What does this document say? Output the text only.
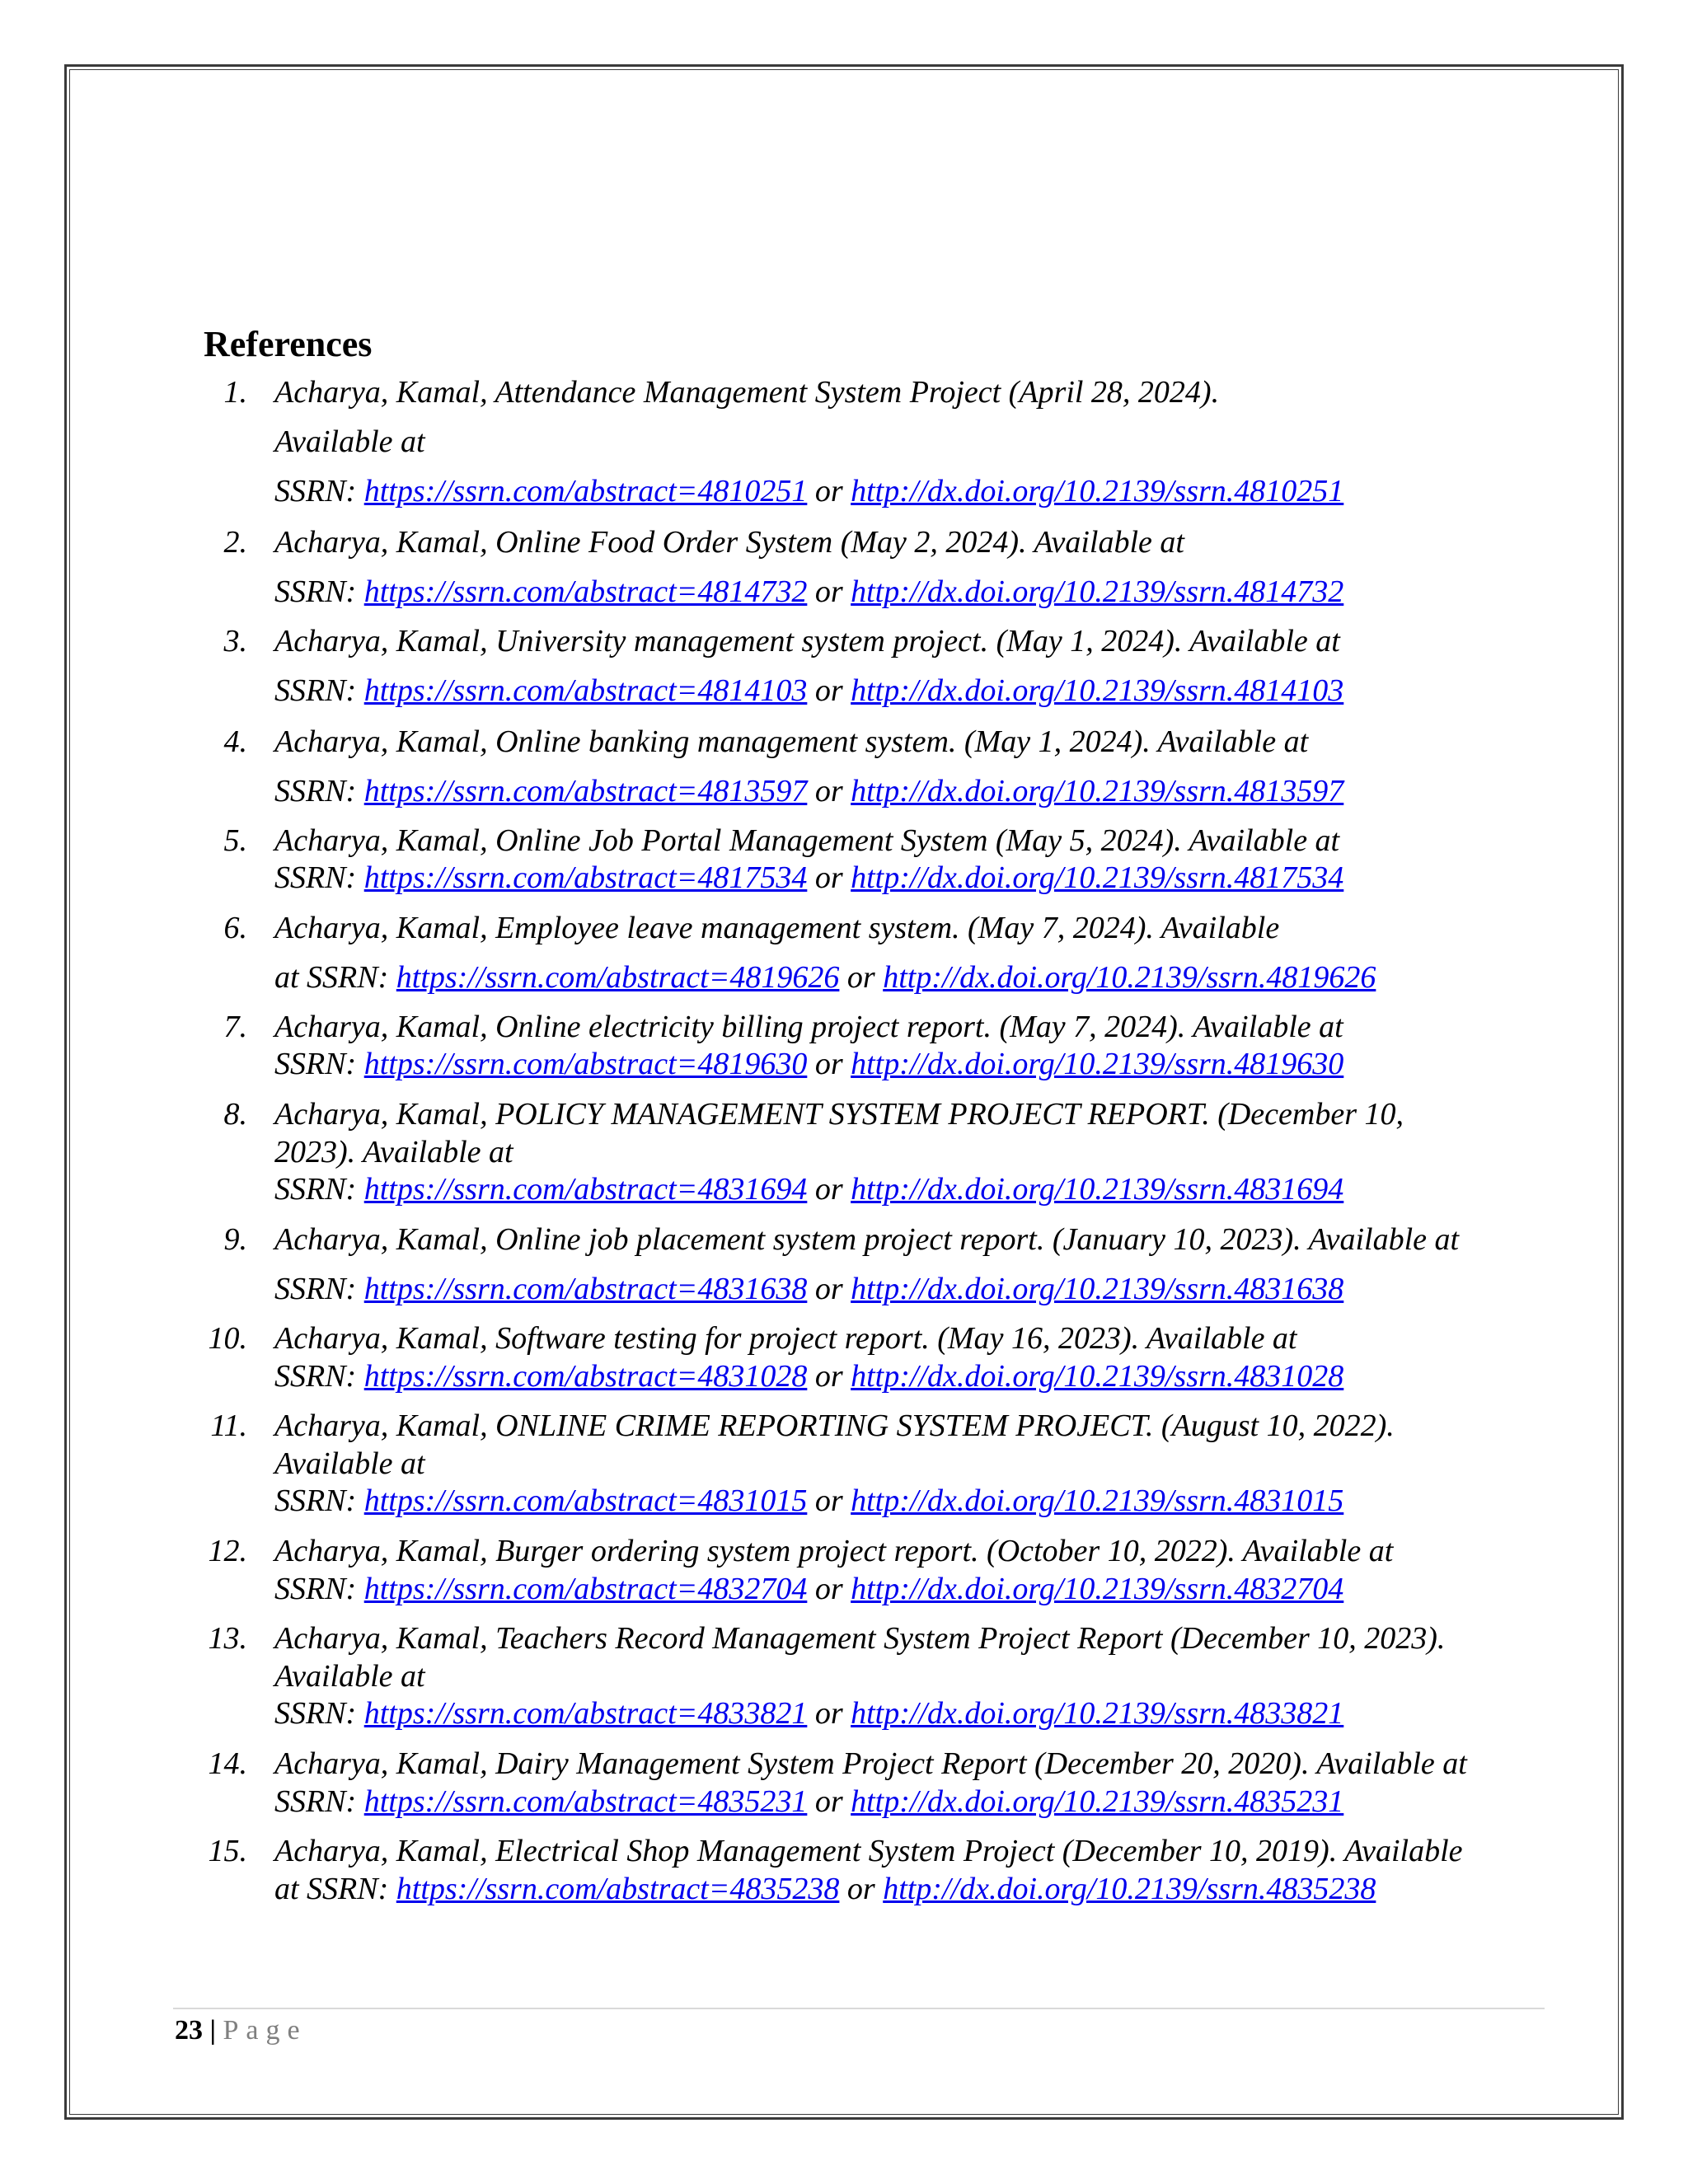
References
1. Acharya, Kamal, Attendance Management System Project (April 28, 2024).
Available at
SSRN: https://ssrn.com/abstract=4810251 or http://dx.doi.org/10.2139/ssrn.4810251
2. Acharya, Kamal, Online Food Order System (May 2, 2024). Available at
SSRN: https://ssrn.com/abstract=4814732 or http://dx.doi.org/10.2139/ssrn.4814732
3. Acharya, Kamal, University management system project. (May 1, 2024). Available at
SSRN: https://ssrn.com/abstract=4814103 or http://dx.doi.org/10.2139/ssrn.4814103
4. Acharya, Kamal, Online banking management system. (May 1, 2024). Available at
SSRN: https://ssrn.com/abstract=4813597 or http://dx.doi.org/10.2139/ssrn.4813597
5. Acharya, Kamal, Online Job Portal Management System (May 5, 2024). Available at
SSRN: https://ssrn.com/abstract=4817534 or http://dx.doi.org/10.2139/ssrn.4817534
6. Acharya, Kamal, Employee leave management system. (May 7, 2024). Available
at SSRN: https://ssrn.com/abstract=4819626 or http://dx.doi.org/10.2139/ssrn.4819626
7. Acharya, Kamal, Online electricity billing project report. (May 7, 2024). Available at
SSRN: https://ssrn.com/abstract=4819630 or http://dx.doi.org/10.2139/ssrn.4819630
8. Acharya, Kamal, POLICY MANAGEMENT SYSTEM PROJECT REPORT. (December 10,
2023). Available at
SSRN: https://ssrn.com/abstract=4831694 or http://dx.doi.org/10.2139/ssrn.4831694
9. Acharya, Kamal, Online job placement system project report. (January 10, 2023). Available at
SSRN: https://ssrn.com/abstract=4831638 or http://dx.doi.org/10.2139/ssrn.4831638
10. Acharya, Kamal, Software testing for project report. (May 16, 2023). Available at
SSRN: https://ssrn.com/abstract=4831028 or http://dx.doi.org/10.2139/ssrn.4831028
11. Acharya, Kamal, ONLINE CRIME REPORTING SYSTEM PROJECT. (August 10, 2022).
Available at
SSRN: https://ssrn.com/abstract=4831015 or http://dx.doi.org/10.2139/ssrn.4831015
12. Acharya, Kamal, Burger ordering system project report. (October 10, 2022). Available at
SSRN: https://ssrn.com/abstract=4832704 or http://dx.doi.org/10.2139/ssrn.4832704
13. Acharya, Kamal, Teachers Record Management System Project Report (December 10, 2023).
Available at
SSRN: https://ssrn.com/abstract=4833821 or http://dx.doi.org/10.2139/ssrn.4833821
14. Acharya, Kamal, Dairy Management System Project Report (December 20, 2020). Available at
SSRN: https://ssrn.com/abstract=4835231 or http://dx.doi.org/10.2139/ssrn.4835231
15. Acharya, Kamal, Electrical Shop Management System Project (December 10, 2019). Available
at SSRN: https://ssrn.com/abstract=4835238 or http://dx.doi.org/10.2139/ssrn.4835238
23 | Page
